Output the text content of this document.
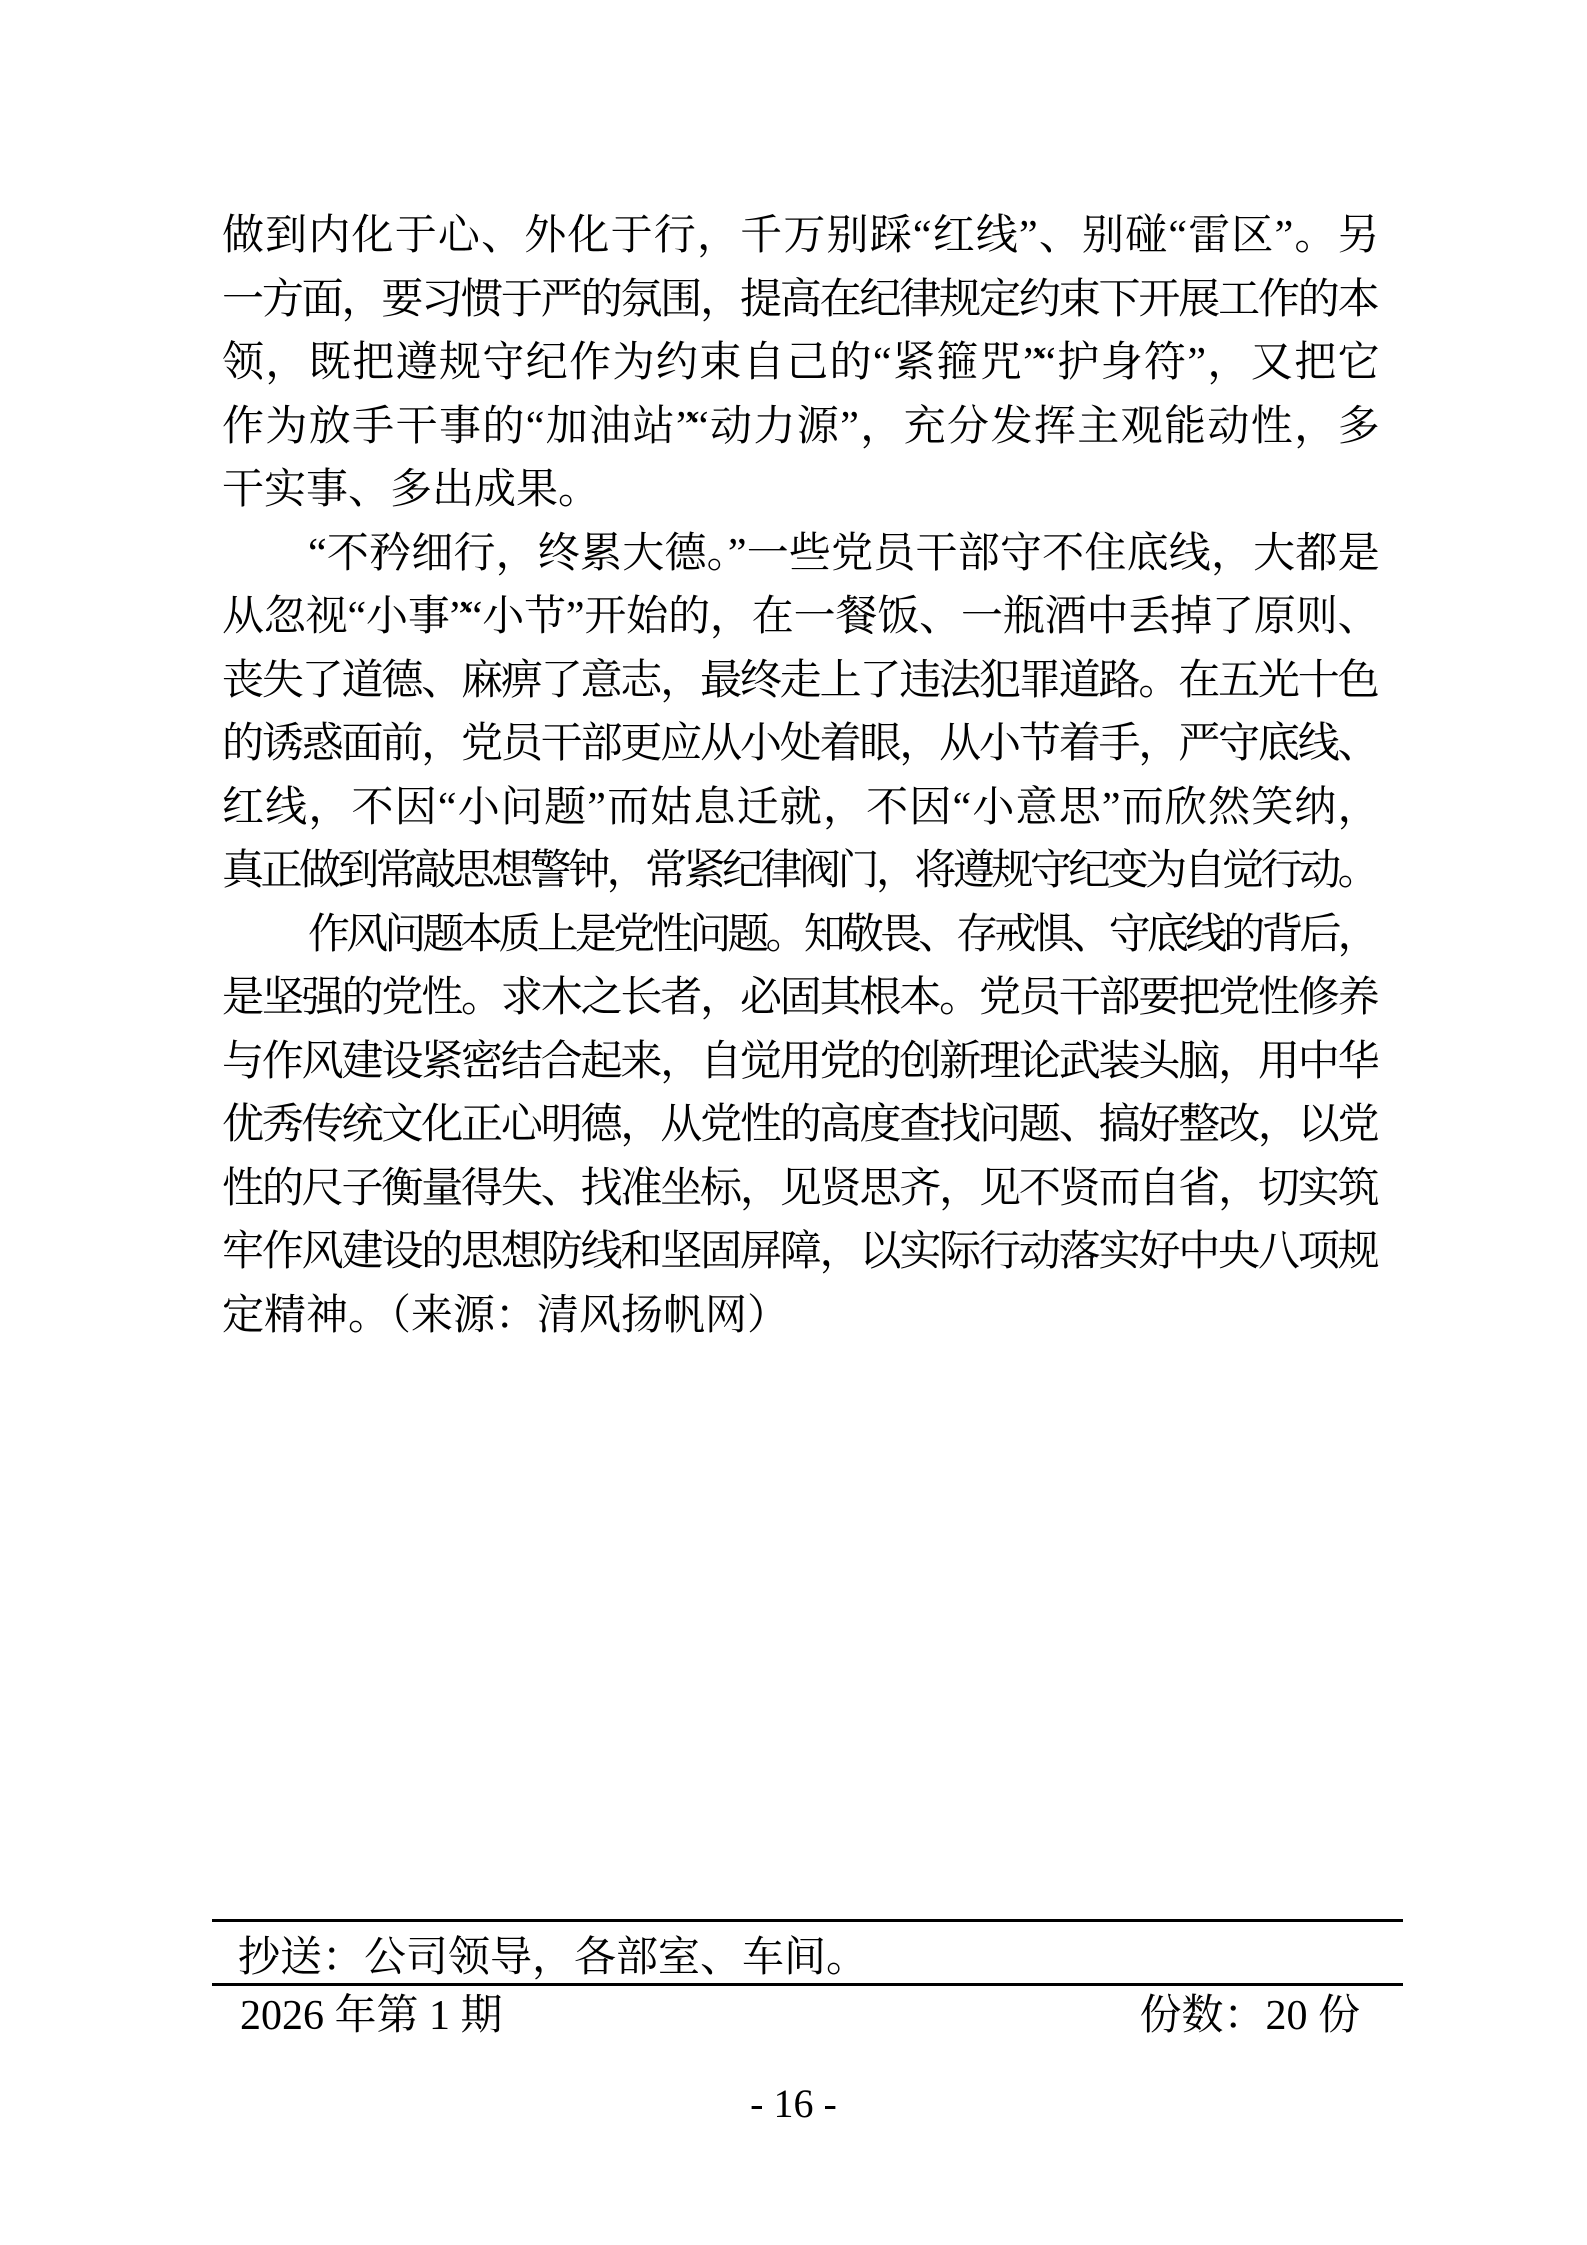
做到内化于心、外化于行，千万别踩“红线”、别碰“雷区”。另
一方面，要习惯于严的氛围，提高在纪律规定约束下开展工作的本
领，既把遵规守纪作为约束自己的“紧箍咒”“护身符”，又把它
作为放手干事的“加油站”“动力源”，充分发挥主观能动性，多
干实事、多出成果。
“不矜细行，终累大德。”一些党员干部守不住底线，大都是
从忽视“小事”“小节”开始的，在一餐饭、一瓶酒中丢掉了原则、
丧失了道德、麻痹了意志，最终走上了违法犯罪道路。在五光十色
的诱惑面前，党员干部更应从小处着眼，从小节着手，严守底线、
红线，不因“小问题”而姑息迁就，不因“小意思”而欣然笑纳，
真正做到常敲思想警钟，常紧纪律阀门，将遵规守纪变为自觉行动。
作风问题本质上是党性问题。知敬畏、存戒惧、守底线的背后，
是坚强的党性。求木之长者，必固其根本。党员干部要把党性修养
与作风建设紧密结合起来，自觉用党的创新理论武装头脑，用中华
优秀传统文化正心明德，从党性的高度查找问题、搞好整改，以党
性的尺子衡量得失、找准坐标，见贤思齐，见不贤而自省，切实筑
牢作风建设的思想防线和坚固屏障，以实际行动落实好中央八项规
定精神。（来源：清风扬帆网）
抄送：公司领导，各部室、车间。
2026 年第 1 期	份数：20 份
- 16 -
